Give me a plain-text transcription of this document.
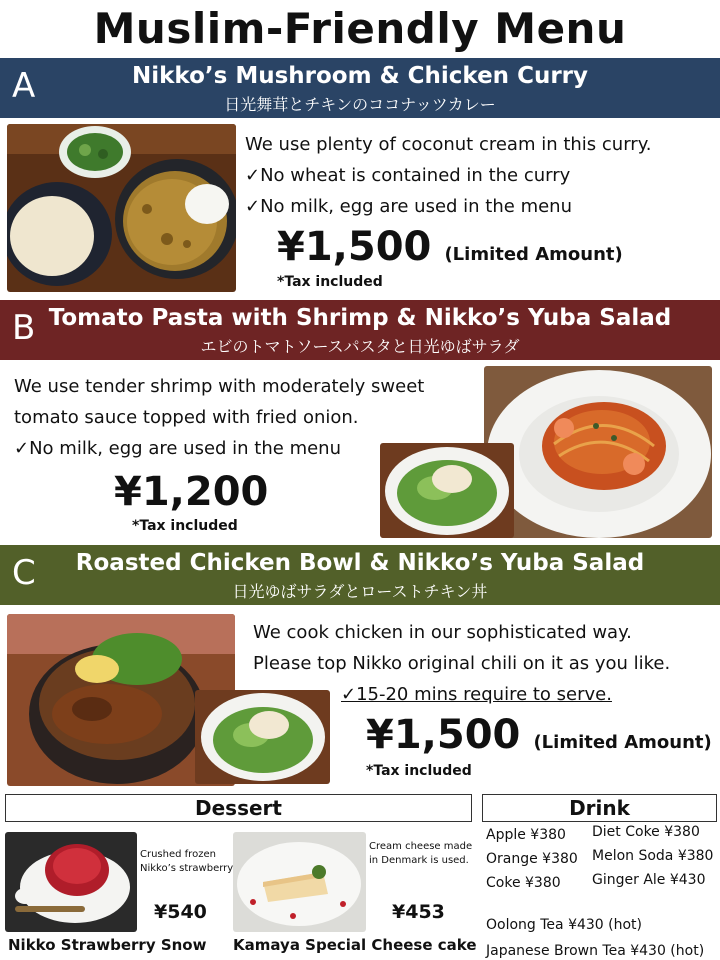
Muslim-Friendly Menu
A	Nikko’s Mushroom & Chicken Curry
日光舞茸とチキンのココナッツカレー
We use plenty of coconut cream in this curry.
✓No wheat is contained in the curry
✓No milk, egg are used in the menu
¥1,500 (Limited Amount)
*Tax included
B Tomato Pasta with Shrimp & Nikko’s Yuba Salad
エビのトマトソースパスタと日光ゆばサラダ
We use tender shrimp with moderately sweet
tomato sauce topped with fried onion.
✓No milk, egg are used in the menu
¥1,200
*Tax included
C	Roasted Chicken Bowl & Nikko’s Yuba Salad
日光ゆばサラダとローストチキン丼
We cook chicken in our sophisticated way.
Please top Nikko original chili on it as you like.
✓15-20 mins require to serve.
¥1,500 (Limited Amount)
*Tax included
Dessert
Crushed frozen
Nikko’s strawberry
¥540
Nikko Strawberry Snow
Cream cheese made
in Denmark is used.
¥453
Kamaya Special Cheese cake
Drink
Apple ¥380
Orange ¥380
Coke ¥380
Diet Coke ¥380
Melon Soda ¥380
Ginger Ale ¥430
Oolong Tea ¥430 (hot)
Japanese Brown Tea ¥430 (hot)
